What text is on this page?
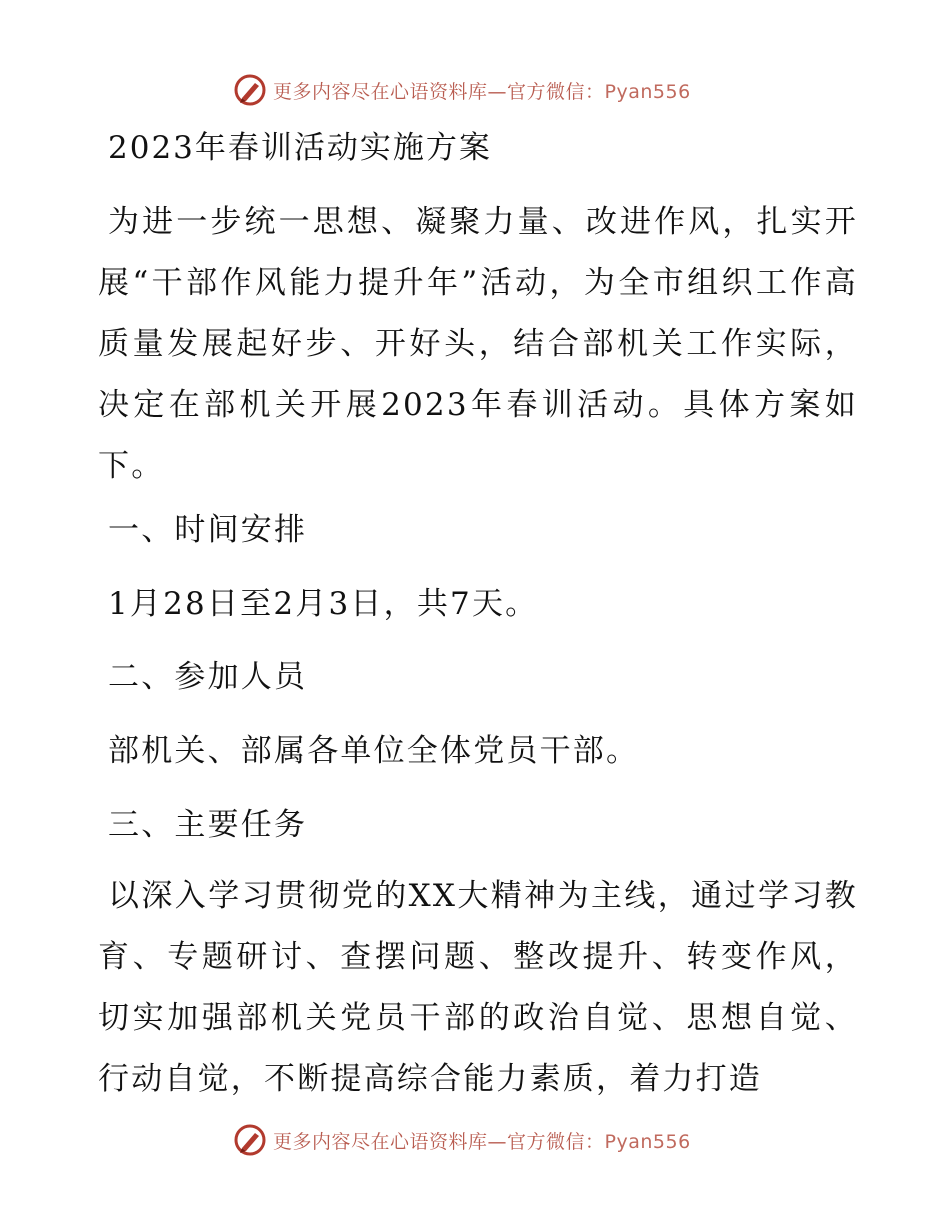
更多内容尽在心语资料库—官方微信：Pyan556
2023年春训活动实施方案

为进一步统一思想、凝聚力量、改进作风，扎实开展“干部作风能力提升年”活动，为全市组织工作高质量发展起好步、开好头，结合部机关工作实际，决定在部机关开展2023年春训活动。具体方案如下。

一、时间安排
1月28日至2月3日，共7天。
二、参加人员
部机关、部属各单位全体党员干部。
三、主要任务

以深入学习贯彻党的XX大精神为主线，通过学习教育、专题研讨、查摆问题、整改提升、转变作风，切实加强部机关党员干部的政治自觉、思想自觉、行动自觉，不断提高综合能力素质，着力打造

更多内容尽在心语资料库—官方微信：Pyan556
